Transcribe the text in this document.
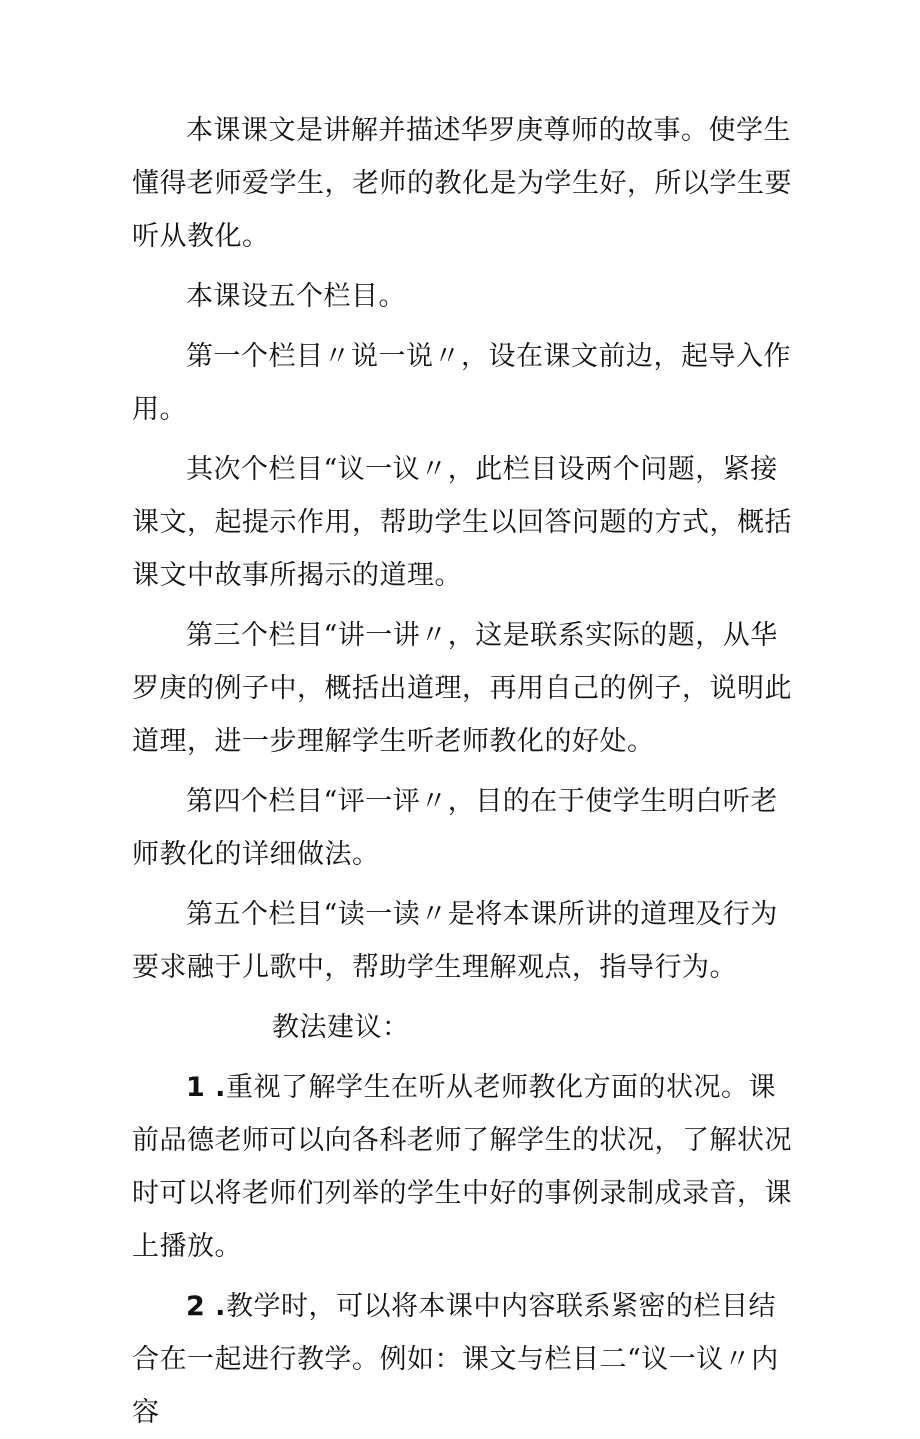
本课课文是讲解并描述华罗庚尊师的故事。使学生懂得老师爱学生，老师的教化是为学生好，所以学生要听从教化。

本课设五个栏目。

第一个栏目〃说一说〃，设在课文前边，起导入作用。

其次个栏目“议一议〃，此栏目设两个问题，紧接课文，起提示作用，帮助学生以回答问题的方式，概括课文中故事所揭示的道理。

第三个栏目“讲一讲〃，这是联系实际的题，从华罗庚的例子中，概括出道理，再用自己的例子，说明此道理，进一步理解学生听老师教化的好处。

第四个栏目“评一评〃，目的在于使学生明白听老师教化的详细做法。

第五个栏目“读一读〃是将本课所讲的道理及行为要求融于儿歌中，帮助学生理解观点，指导行为。

教法建议：

1 .重视了解学生在听从老师教化方面的状况。课前品德老师可以向各科老师了解学生的状况，了解状况时可以将老师们列举的学生中好的事例录制成录音，课上播放。

2 .教学时，可以将本课中内容联系紧密的栏目结合在一起进行教学。例如：课文与栏目二“议一议〃内容
